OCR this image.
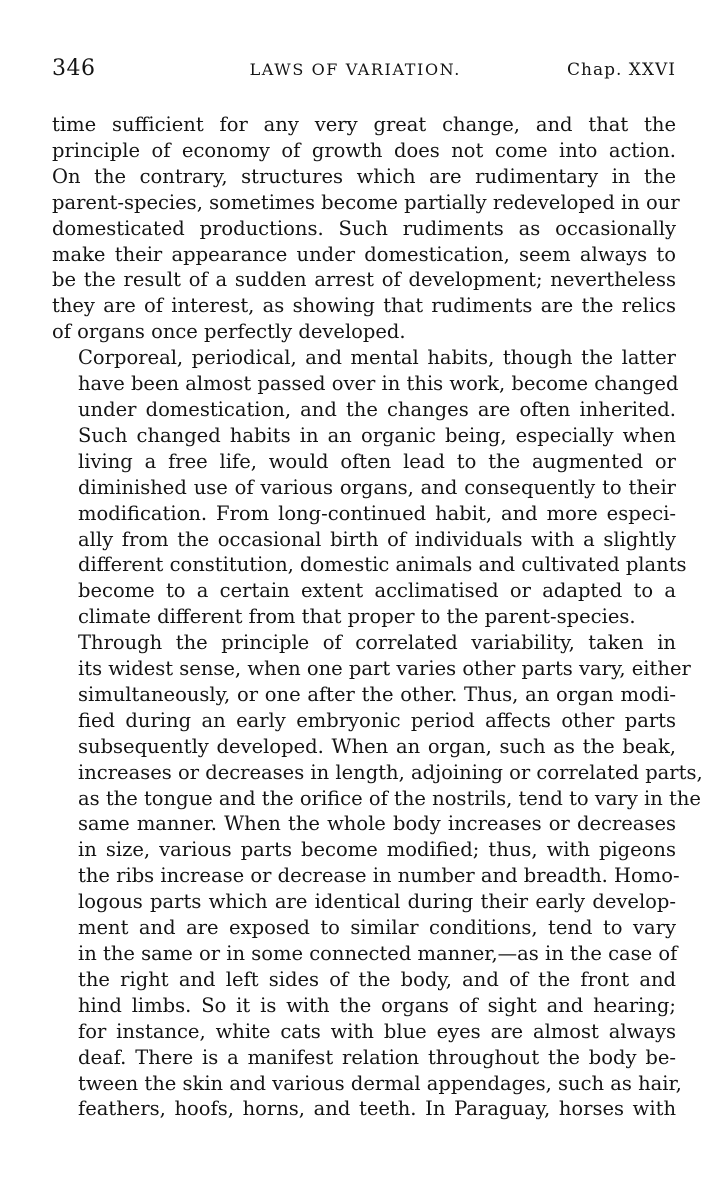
346	LAWS OF VARIATION.	Chap. XXVI

time sufficient for any very great change, and that the
principle of economy of growth does not come into action.
On the contrary, structures which are rudimentary in the
parent-species, sometimes become partially redeveloped in our
domesticated productions. Such rudiments as occasionally
make their appearance under domestication, seem always to
be the result of a sudden arrest of development; nevertheless
they are of interest, as showing that rudiments are the relics
of organs once perfectly developed.

Corporeal, periodical, and mental habits, though the latter
have been almost passed over in this work, become changed
under domestication, and the changes are often inherited.
Such changed habits in an organic being, especially when
living a free life, would often lead to the augmented or
diminished use of various organs, and consequently to their
modification. From long-continued habit, and more especi-
ally from the occasional birth of individuals with a slightly
different constitution, domestic animals and cultivated plants
become to a certain extent acclimatised or adapted to a
climate different from that proper to the parent-species.

Through the principle of correlated variability, taken in
its widest sense, when one part varies other parts vary, either
simultaneously, or one after the other. Thus, an organ modi-
fied during an early embryonic period affects other parts
subsequently developed. When an organ, such as the beak,
increases or decreases in length, adjoining or correlated parts,
as the tongue and the orifice of the nostrils, tend to vary in the
same manner. When the whole body increases or decreases
in size, various parts become modified; thus, with pigeons
the ribs increase or decrease in number and breadth. Homo-
logous parts which are identical during their early develop-
ment and are exposed to similar conditions, tend to vary
in the same or in some connected manner,—as in the case of
the right and left sides of the body, and of the front and
hind limbs. So it is with the organs of sight and hearing;
for instance, white cats with blue eyes are almost always
deaf. There is a manifest relation throughout the body be-
tween the skin and various dermal appendages, such as hair,
feathers, hoofs, horns, and teeth. In Paraguay, horses with
